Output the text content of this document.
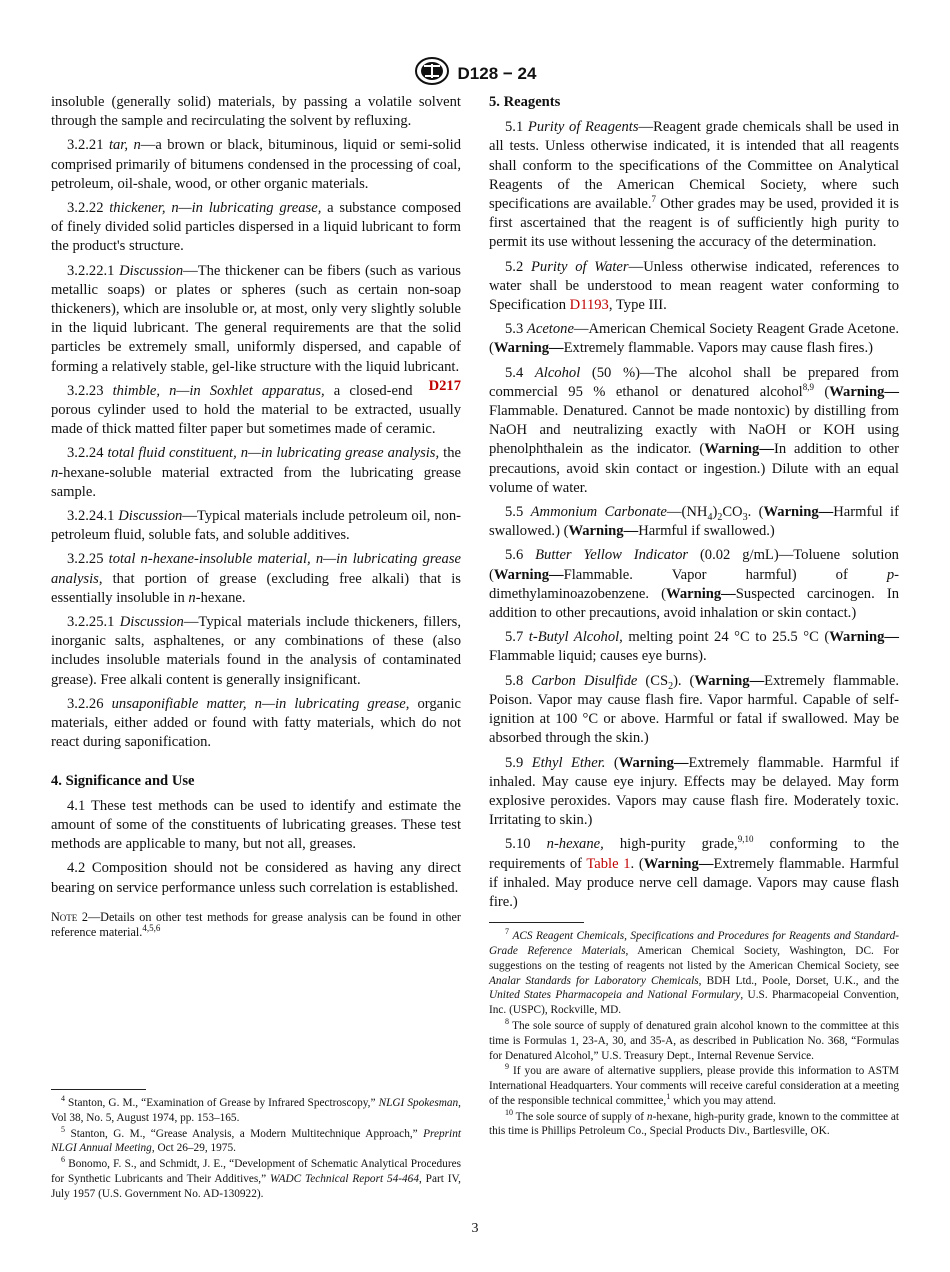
D128 − 24

insoluble (generally solid) materials, by passing a volatile solvent through the sample and recirculating the solvent by refluxing.

3.2.21 tar, n—a brown or black, bituminous, liquid or semi-solid comprised primarily of bitumens condensed in the processing of coal, petroleum, oil-shale, wood, or other organic materials.

3.2.22 thickener, n—in lubricating grease, a substance composed of finely divided solid particles dispersed in a liquid lubricant to form the product's structure.

3.2.22.1 Discussion—The thickener can be fibers (such as various metallic soaps) or plates or spheres (such as certain non-soap thickeners), which are insoluble or, at most, only very slightly soluble in the liquid lubricant. The general requirements are that the solid particles be extremely small, uniformly dispersed, and capable of forming a relatively stable, gel-like structure with the liquid lubricant.
D217

3.2.23 thimble, n—in Soxhlet apparatus, a closed-end porous cylinder used to hold the material to be extracted, usually made of thick matted filter paper but sometimes made of ceramic.

3.2.24 total fluid constituent, n—in lubricating grease analysis, the n-hexane-soluble material extracted from the lubricating grease sample.

3.2.24.1 Discussion—Typical materials include petroleum oil, non-petroleum fluid, soluble fats, and soluble additives.

3.2.25 total n-hexane-insoluble material, n—in lubricating grease analysis, that portion of grease (excluding free alkali) that is essentially insoluble in n-hexane.

3.2.25.1 Discussion—Typical materials include thickeners, fillers, inorganic salts, asphaltenes, or any combinations of these (also includes insoluble materials found in the analysis of contaminated grease). Free alkali content is generally insignificant.

3.2.26 unsaponifiable matter, n—in lubricating grease, organic materials, either added or found with fatty materials, which do not react during saponification.

4. Significance and Use

4.1 These test methods can be used to identify and estimate the amount of some of the constituents of lubricating greases. These test methods are applicable to many, but not all, greases.

4.2 Composition should not be considered as having any direct bearing on service performance unless such correlation is established.

Note 2—Details on other test methods for grease analysis can be found in other reference material.$^{4,5,6}$

$^4$ Stanton, G. M., “Examination of Grease by Infrared Spectroscopy,” NLGI Spokesman, Vol 38, No. 5, August 1974, pp. 153–165.

$^5$ Stanton, G. M., “Grease Analysis, a Modern Multitechnique Approach,” Preprint NLGI Annual Meeting, Oct 26–29, 1975.

$^6$ Bonomo, F. S., and Schmidt, J. E., “Development of Schematic Analytical Procedures for Synthetic Lubricants and Their Additives,” WADC Technical Report 54-464, Part IV, July 1957 (U.S. Government No. AD-130922).

5. Reagents

5.1 Purity of Reagents—Reagent grade chemicals shall be used in all tests. Unless otherwise indicated, it is intended that all reagents shall conform to the specifications of the Committee on Analytical Reagents of the American Chemical Society, where such specifications are available.$^7$ Other grades may be used, provided it is first ascertained that the reagent is of sufficiently high purity to permit its use without lessening the accuracy of the determination.

5.2 Purity of Water—Unless otherwise indicated, references to water shall be understood to mean reagent water conforming to Specification D1193, Type III.

5.3 Acetone—American Chemical Society Reagent Grade Acetone. (Warning—Extremely flammable. Vapors may cause flash fires.)

5.4 Alcohol (50 %)—The alcohol shall be prepared from commercial 95 % ethanol or denatured alcohol$^{8,9}$ (Warning—Flammable. Denatured. Cannot be made nontoxic) by distilling from NaOH and neutralizing exactly with NaOH or KOH using phenolphthalein as the indicator. (Warning—In addition to other precautions, avoid skin contact or ingestion.) Dilute with an equal volume of water.

5.5 Ammonium $Carbonate—(NH_4)_2CO_3$. (Warning—Harmful if swallowed.) (Warning—Harmful if swallowed.)

5.6 Butter Yellow Indicator (0.02 g/mL)—Toluene solution (Warning—Flammable. Vapor harmful) of p-dimethylaminoazobenzene. (Warning—Suspected carcinogen. In addition to other precautions, avoid inhalation or skin contact.)

5.7 t-Butyl Alcohol, melting point 24 °C to 25.5 °C (Warning—Flammable liquid; causes eye burns).

5.8 Carbon Disulfide $(CS_2)$. (Warning—Extremely flammable. Poison. Vapor may cause flash fire. Vapor harmful. Capable of self-ignition at 100 °C or above. Harmful or fatal if swallowed. May be absorbed through the skin.)

5.9 Ethyl Ether. (Warning—Extremely flammable. Harmful if inhaled. May cause eye injury. Effects may be delayed. May form explosive peroxides. Vapors may cause flash fire. Moderately toxic. Irritating to skin.)

5.10 n-hexane, high-purity grade,$^{9,10}$ conforming to the requirements of Table 1. (Warning—Extremely flammable. Harmful if inhaled. May produce nerve cell damage. Vapors may cause flash fire.)

$^7$ ACS Reagent Chemicals, Specifications and Procedures for Reagents and Standard-Grade Reference Materials, American Chemical Society, Washington, DC. For suggestions on the testing of reagents not listed by the American Chemical Society, see Analar Standards for Laboratory Chemicals, BDH Ltd., Poole, Dorset, U.K., and the United States Pharmacopeia and National Formulary, U.S. Pharmacopeial Convention, Inc. (USPC), Rockville, MD.

$^8$ The sole source of supply of denatured grain alcohol known to the committee at this time is Formulas 1, 23-A, 30, and 35-A, as described in Publication No. 368, “Formulas for Denatured Alcohol,” U.S. Treasury Dept., Internal Revenue Service.

$^9$ If you are aware of alternative suppliers, please provide this information to ASTM International Headquarters. Your comments will receive careful consideration at a meeting of the responsible technical committee,$^1$ which you may attend.

$^{10}$ The sole source of supply of n-hexane, high-purity grade, known to the committee at this time is Phillips Petroleum Co., Special Products Div., Bartlesville, OK.

3
